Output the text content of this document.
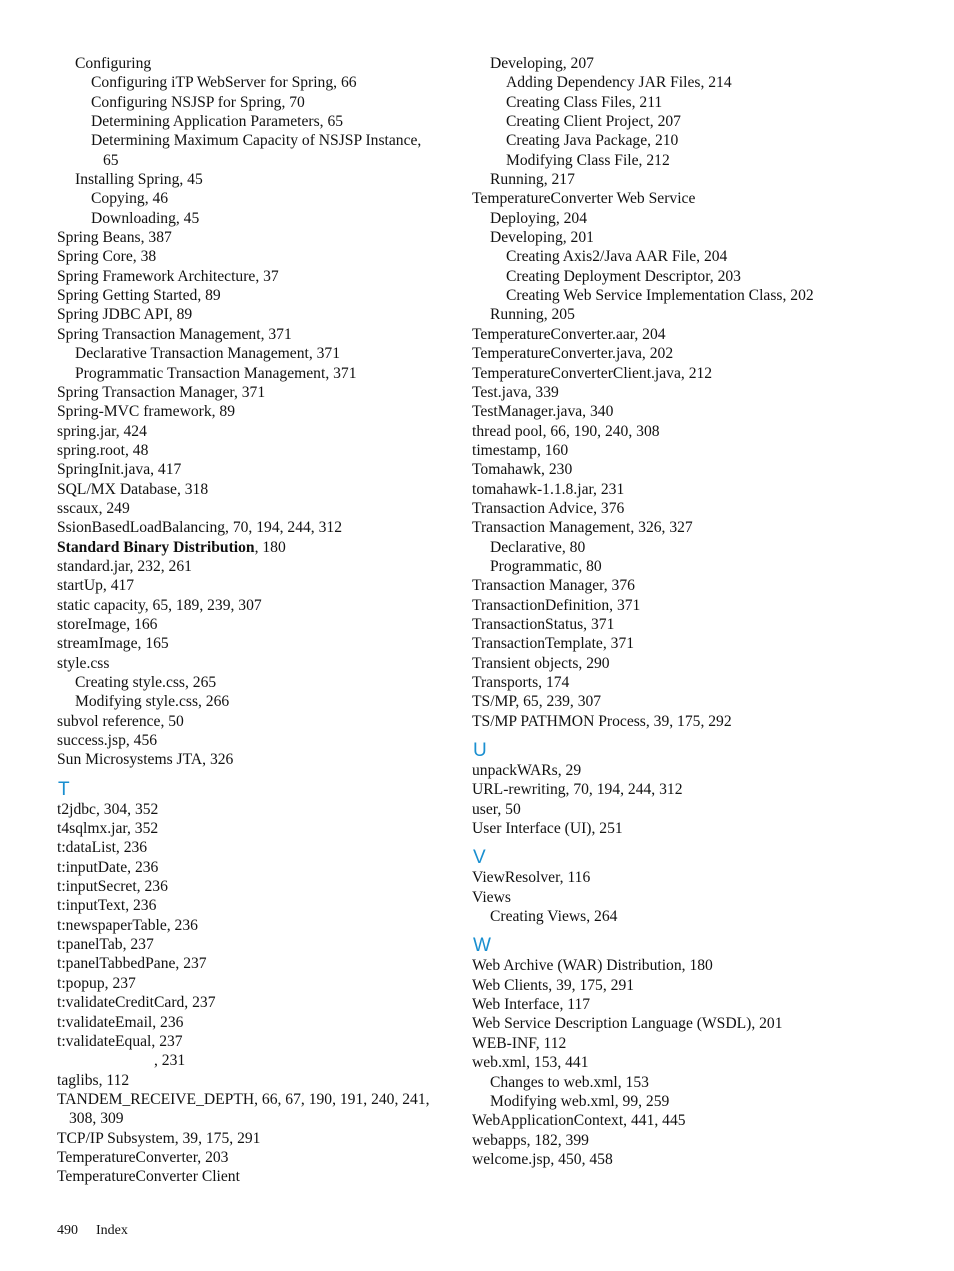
Configuring
Configuring iTP WebServer for Spring, 66
Configuring NSJSP for Spring, 70
Determining Application Parameters, 65
Determining Maximum Capacity of NSJSP Instance,
65
Installing Spring, 45
Copying, 46
Downloading, 45
Spring Beans, 387
Spring Core, 38
Spring Framework Architecture, 37
Spring Getting Started, 89
Spring JDBC API, 89
Spring Transaction Management, 371
Declarative Transaction Management, 371
Programmatic Transaction Management, 371
Spring Transaction Manager, 371
Spring-MVC framework, 89
spring.jar, 424
spring.root, 48
SpringInit.java, 417
SQL/MX Database, 318
sscaux, 249
SsionBasedLoadBalancing, 70, 194, 244, 312
Standard Binary Distribution, 180
standard.jar, 232, 261
startUp, 417
static capacity, 65, 189, 239, 307
storeImage, 166
streamImage, 165
style.css
Creating style.css, 265
Modifying style.css, 266
subvol reference, 50
success.jsp, 456
Sun Microsystems JTA, 326
T
t2jdbc, 304, 352
t4sqlmx.jar, 352
t:dataList, 236
t:inputDate, 236
t:inputSecret, 236
t:inputText, 236
t:newspaperTable, 236
t:panelTab, 237
t:panelTabbedPane, 237
t:popup, 237
t:validateCreditCard, 237
t:validateEmail, 236
t:validateEqual, 237
, 231
taglibs, 112
TANDEM_RECEIVE_DEPTH, 66, 67, 190, 191, 240, 241,
308, 309
TCP/IP Subsystem, 39, 175, 291
TemperatureConverter, 203
TemperatureConverter Client
Developing, 207
Adding Dependency JAR Files, 214
Creating Class Files, 211
Creating Client Project, 207
Creating Java Package, 210
Modifying Class File, 212
Running, 217
TemperatureConverter Web Service
Deploying, 204
Developing, 201
Creating Axis2/Java AAR File, 204
Creating Deployment Descriptor, 203
Creating Web Service Implementation Class, 202
Running, 205
TemperatureConverter.aar, 204
TemperatureConverter.java, 202
TemperatureConverterClient.java, 212
Test.java, 339
TestManager.java, 340
thread pool, 66, 190, 240, 308
timestamp, 160
Tomahawk, 230
tomahawk-1.1.8.jar, 231
Transaction Advice, 376
Transaction Management, 326, 327
Declarative, 80
Programmatic, 80
Transaction Manager, 376
TransactionDefinition, 371
TransactionStatus, 371
TransactionTemplate, 371
Transient objects, 290
Transports, 174
TS/MP, 65, 239, 307
TS/MP PATHMON Process, 39, 175, 292
U
unpackWARs, 29
URL-rewriting, 70, 194, 244, 312
user, 50
User Interface (UI), 251
V
ViewResolver, 116
Views
Creating Views, 264
W
Web Archive (WAR) Distribution, 180
Web Clients, 39, 175, 291
Web Interface, 117
Web Service Description Language (WSDL), 201
WEB-INF, 112
web.xml, 153, 441
Changes to web.xml, 153
Modifying web.xml, 99, 259
WebApplicationContext, 441, 445
webapps, 182, 399
welcome.jsp, 450, 458
490 Index
